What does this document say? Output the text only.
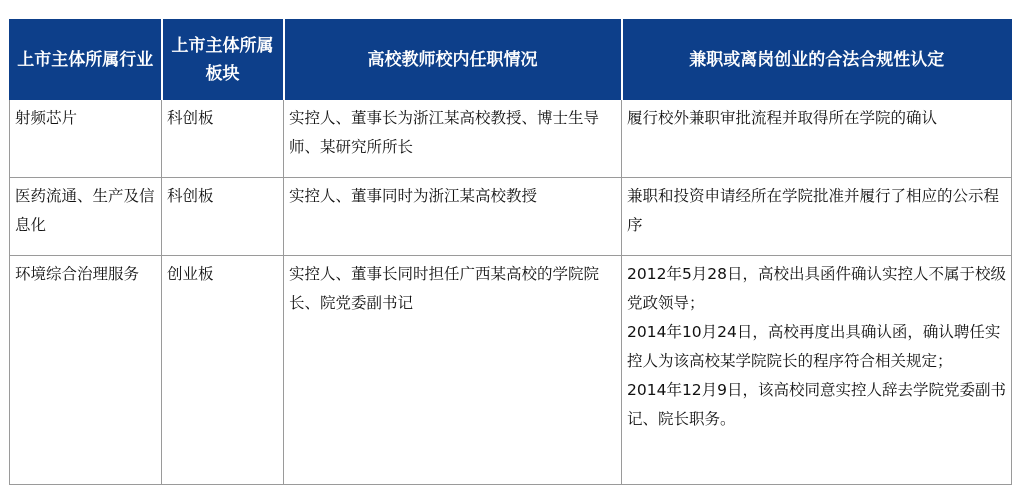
上市主体所属行业	上市主体所属板块	高校教师校内任职情况	兼职或离岗创业的合法合规性认定
射频芯片	科创板	实控人、董事长为浙江某高校教授、博士生导师、某研究所所长	履行校外兼职审批流程并取得所在学院的确认

医药流通、生产及信息化	科创板	实控人、董事同时为浙江某高校教授	兼职和投资申请经所在学院批准并履行了相应的公示程序

环境综合治理服务	创业板	实控人、董事长同时担任广西某高校的学院院长、院党委副书记	2012年5月28日，高校出具函件确认实控人不属于校级党政领导；
2014年10月24日，高校再度出具确认函，确认聘任实控人为该高校某学院院长的程序符合相关规定；
2014年12月9日，该高校同意实控人辞去学院党委副书记、院长职务。
